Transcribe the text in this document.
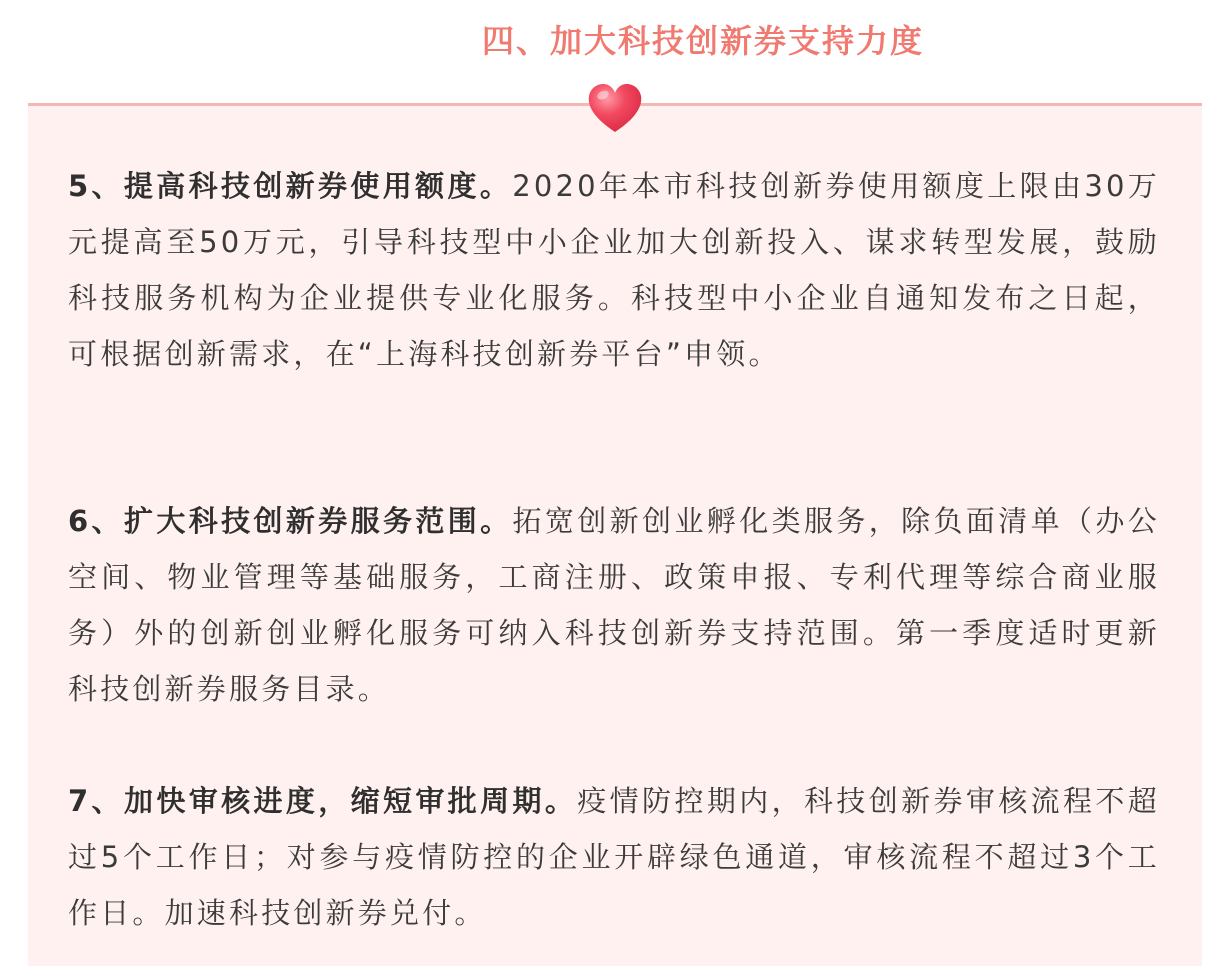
四、加大科技创新券支持力度
5、提高科技创新券使用额度。2020年本市科技创新券使用额度上限由30万元提高至50万元，引导科技型中小企业加大创新投入、谋求转型发展，鼓励科技服务机构为企业提供专业化服务。科技型中小企业自通知发布之日起，可根据创新需求，在“上海科技创新券平台”申领。
6、扩大科技创新券服务范围。拓宽创新创业孵化类服务，除负面清单（办公空间、物业管理等基础服务，工商注册、政策申报、专利代理等综合商业服务）外的创新创业孵化服务可纳入科技创新券支持范围。第一季度适时更新科技创新券服务目录。
7、加快审核进度，缩短审批周期。疫情防控期内，科技创新券审核流程不超过5个工作日；对参与疫情防控的企业开辟绿色通道，审核流程不超过3个工作日。加速科技创新券兑付。
